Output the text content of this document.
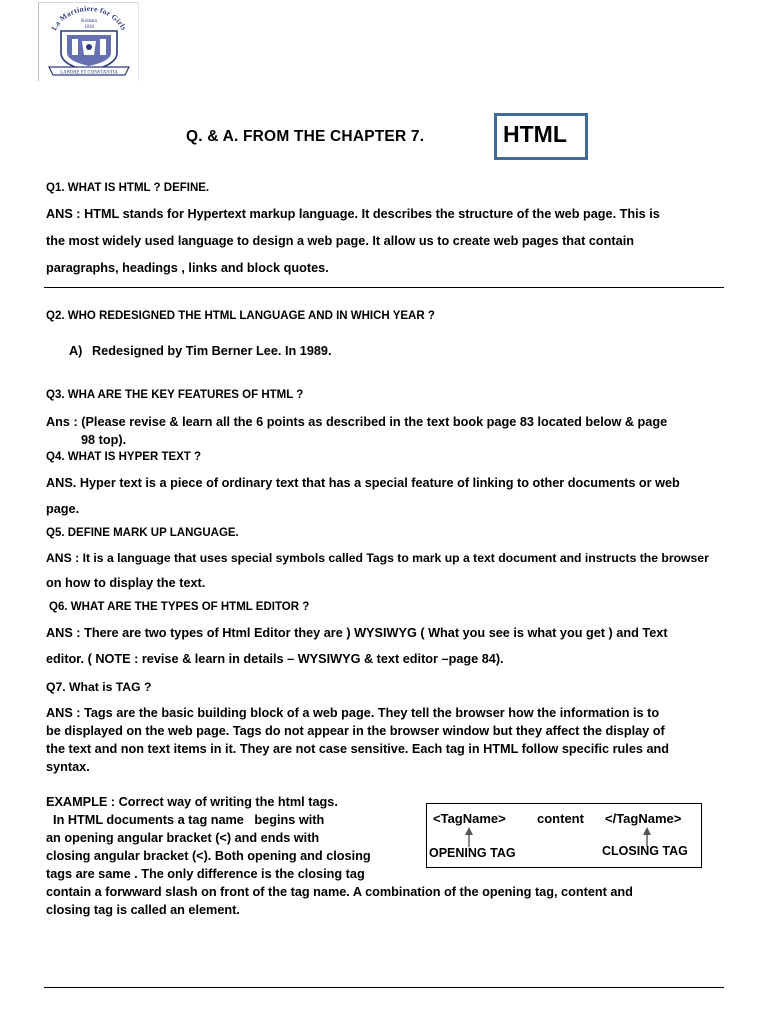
La Martiniere for Girls
Kolkata
1836
LABORE ET CONSTANTIA
Q. & A. FROM THE CHAPTER 7.	HTML
Q1. WHAT IS HTML ? DEFINE.
ANS : HTML stands for Hypertext markup language. It describes the structure of the web page. This is
the most widely used language to design a web page. It allow us to create web pages that contain
paragraphs, headings , links and block quotes.
Q2. WHO REDESIGNED THE HTML LANGUAGE AND IN WHICH YEAR ?
A) Redesigned by Tim Berner Lee. In 1989.
Q3. WHA ARE THE KEY FEATURES OF HTML ?
Ans : (Please revise & learn all the 6 points as described in the text book page 83 located below & page
98 top).
Q4. WHAT IS HYPER TEXT ?
ANS. Hyper text is a piece of ordinary text that has a special feature of linking to other documents or web
page.
Q5. DEFINE MARK UP LANGUAGE.
ANS : It is a language that uses special symbols called Tags to mark up a text document and instructs the browser
on how to display the text.
Q6. WHAT ARE THE TYPES OF HTML EDITOR ?
ANS : There are two types of Html Editor they are ) WYSIWYG ( What you see is what you get ) and Text
editor. ( NOTE : revise & learn in details – WYSIWYG & text editor –page 84).
Q7. What is TAG ?
ANS : Tags are the basic building block of a web page. They tell the browser how the information is to
be displayed on the web page. Tags do not appear in the browser window but they affect the display of
the text and non text items in it. They are not case sensitive. Each tag in HTML follow specific rules and
syntax.
EXAMPLE : Correct way of writing the html tags.
In HTML documents a tag name   begins with
an opening angular bracket (<) and ends with
closing angular bracket (<). Both opening and closing
tags are same . The only difference is the closing tag
contain a forwward slash on front of the tag name. A combination of the opening tag, content and
closing tag is called an element.
<TagName> content </TagName>
OPENING TAG	CLOSING TAG
